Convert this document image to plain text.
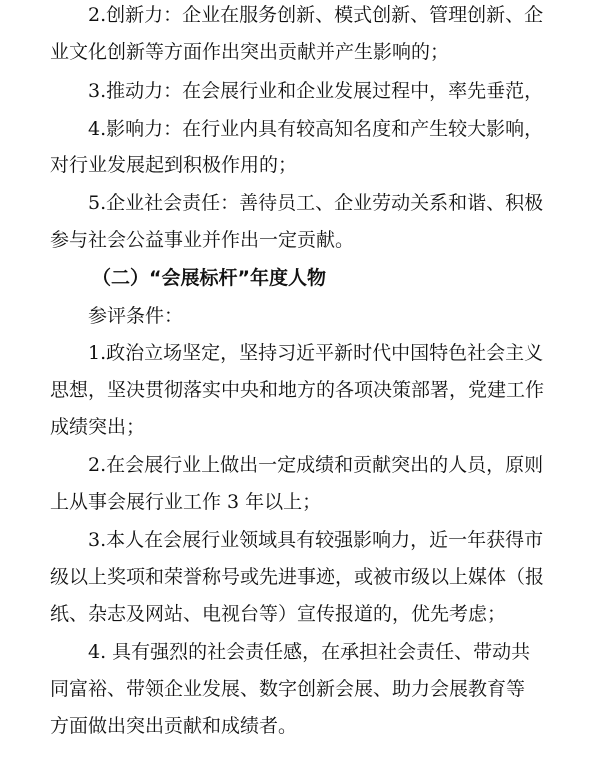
2.创新力：企业在服务创新、模式创新、管理创新、企
业文化创新等方面作出突出贡献并产生影响的；
3.推动力：在会展行业和企业发展过程中，率先垂范，
4.影响力：在行业内具有较高知名度和产生较大影响，
对行业发展起到积极作用的；
5.企业社会责任：善待员工、企业劳动关系和谐、积极
参与社会公益事业并作出一定贡献。
（二）“会展标杆”年度人物
参评条件：
1.政治立场坚定，坚持习近平新时代中国特色社会主义
思想，坚决贯彻落实中央和地方的各项决策部署，党建工作
成绩突出；
2.在会展行业上做出一定成绩和贡献突出的人员，原则
上从事会展行业工作 3 年以上；
3.本人在会展行业领域具有较强影响力，近一年获得市
级以上奖项和荣誉称号或先进事迹，或被市级以上媒体（报
纸、杂志及网站、电视台等）宣传报道的，优先考虑；
4. 具有强烈的社会责任感，在承担社会责任、带动共
同富裕、带领企业发展、数字创新会展、助力会展教育等
方面做出突出贡献和成绩者。
